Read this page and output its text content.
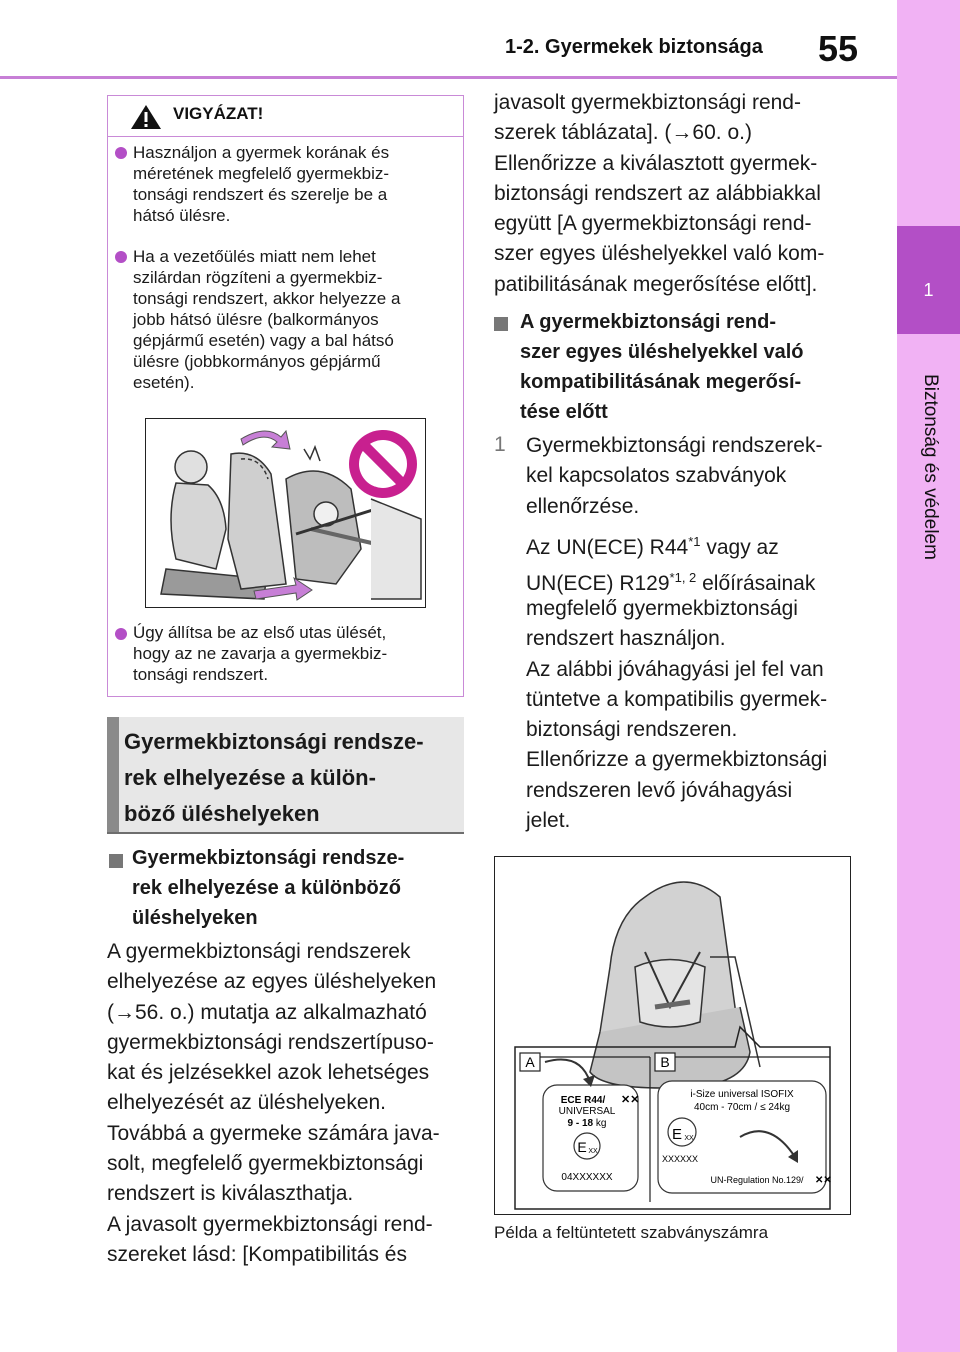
1-2. Gyermekek biztonsága 55
1
Biztonság és védelem
VIGYÁZAT!
Használjon a gyermek korának és
méretének megfelelő gyermekbiz-
tonsági rendszert és szerelje be a
hátsó ülésre.
Ha a vezetőülés miatt nem lehet
szilárdan rögzíteni a gyermekbiz-
tonsági rendszert, akkor helyezze a
jobb hátsó ülésre (balkormányos
gépjármű esetén) vagy a bal hátsó
ülésre (jobbkormányos gépjármű
esetén).
Úgy állítsa be az első utas ülését,
hogy az ne zavarja a gyermekbiz-
tonsági rendszert.
Gyermekbiztonsági rendsze-
rek elhelyezése a külön-
böző üléshelyeken
Gyermekbiztonsági rendsze-
rek elhelyezése a különböző
üléshelyeken
A gyermekbiztonsági rendszerek
elhelyezése az egyes üléshelyeken
(→56. o.) mutatja az alkalmazható
gyermekbiztonsági rendszertípuso-
kat és jelzésekkel azok lehetséges
elhelyezését az üléshelyeken.
Továbbá a gyermeke számára java-
solt, megfelelő gyermekbiztonsági
rendszert is kiválaszthatja.
A javasolt gyermekbiztonsági rend-
szereket lásd: [Kompatibilitás és
javasolt gyermekbiztonsági rend-
szerek táblázata]. (→60. o.)
Ellenőrizze a kiválasztott gyermek-
biztonsági rendszert az alábbiakkal
együtt [A gyermekbiztonsági rend-
szer egyes üléshelyekkel való kom-
patibilitásának megerősítése előtt].
A gyermekbiztonsági rend-
szer egyes üléshelyekkel való
kompatibilitásának megerősí-
tése előtt
1 Gyermekbiztonsági rendszerek-
kel kapcsolatos szabványok
ellenőrzése.
Az UN(ECE) R44$^{*1}$ vagy az
UN(ECE) R129$^{*1, 2}$ előírásainak
megfelelő gyermekbiztonsági
rendszert használjon.
Az alábbi jóváhagyási jel fel van
tüntetve a kompatibilis gyermek-
biztonsági rendszeren.
Ellenőrizze a gyermekbiztonsági
rendszeren levő jóváhagyási
jelet.
A	B
ECE R44/ ✕✕
UNIVERSAL
9 - 18 kg
E XX
04XXXXXX
i-Size universal ISOFIX
40cm - 70cm / ≤ 24kg
E XX
XXXXXX
UN-Regulation No.129/ ✕✕
Példa a feltüntetett szabványszámra
